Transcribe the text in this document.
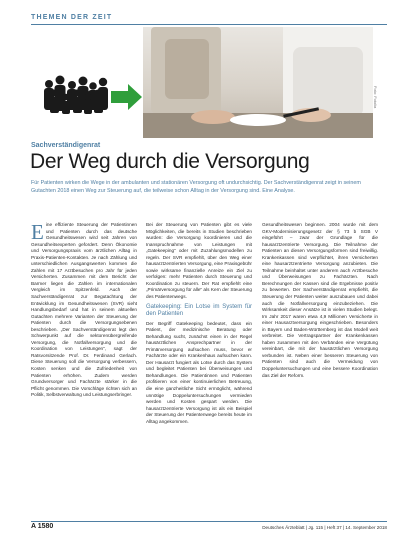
THEMEN DER ZEIT
Foto: Fotolia
Sachverständigenrat
Der Weg durch die Versorgung
Für Patienten wirken die Wege in der ambulanten und stationären Versorgung oft undurchsichtig. Der Sachverständigenrat zeigt in seinem Gutachten 2018 einen Weg zur Steuerung auf, die teilweise schon Alltag in der Versorgung sind. Eine Analyse.
Eine effiziente Steuerung der Patientinnen und Patienten durch das deutsche Gesundheitswesen wird seit Jahren von Gesundheitsexperten gefordert. Denn Ökonomie und Versorgungspraxis vom ärztlichen Alltag in Praxis-Patienten-Kontakten. Je nach Zählung und unterschiedlichen Ausgangswerten kommen die Zahlen mit 17 Arztbesuchen pro Jahr für jeden Versicherten. Zusammen mit dem Bericht der Barmer liegen die Zahlen im internationalen Vergleich im Spitzenfeld. Auch der Sachverständigenrat zur Begutachtung der Entwicklung im Gesundheitswesen (SVR) sieht Handlungsbedarf und hat in seinem aktuellen Gutachten mehrere Varianten der Steuerung der Patienten durch die Versorgungsebenen beschrieben. „Der Sachverständigenrat legt den Schwerpunkt auf die sektorenübergreifende Versorgung, die Notfallversorgung und die Koordination von Leistungen“, sagt der Ratsvorsitzende Prof. Dr. Ferdinand Gerlach. Diese Steuerung soll die Versorgung verbessern, Kosten senken und die Zufriedenheit von Patienten erhöhen. Zudem werden Grundversorger und Fachärzte stärker in die Pflicht genommen. Die Vorschläge richten sich an Politik, Selbstverwaltung und Leistungserbringer.
Bei der Steuerung von Patienten gibt es viele Möglichkeiten, die bereits in Studien beschrieben wurden: die Versorgung koordinieren und die Inanspruchnahme von Leistungen mit „Gatekeeping“ oder mit Zuzahlungsmodellen zu regeln. Der SVR empfiehlt, über den Weg einer hausarztzentrierten Versorgung, eine Praxisgebühr sowie wirksame finanzielle Anreize ein Ziel zu verfolgen: mehr Patienten durch Steuerung und Koordination zu steuern. Der Rat empfiehlt eine „Primärversorgung für alle“ als Kern der Steuerung des Patientenwegs.
Gatekeeping: Ein Lotse im System für den Patienten
Der Begriff Gatekeeping bedeutet, dass ein Patient, der medizinische Beratung oder Behandlung sucht, zunächst einen in der Regel hausärztlichen Ansprechpartner in der Primärversorgung aufsuchen muss, bevor er Fachärzte oder ein Krankenhaus aufsuchen kann. Der Hausarzt fungiert als Lotse durch das System und begleitet Patienten bei Überweisungen und Behandlungen. Die Patientinnen und Patienten profitieren von einer kontinuierlichen Betreuung, die eine ganzheitliche Sicht ermöglicht, während unnötige Doppeluntersuchungen vermieden werden und Kosten gespart werden. Die hausarztzentrierte Versorgung ist als ein Beispiel der Steuerung der Patientenwege bereits heute im Alltag angekommen.
Gesundheitswesen beginnen. 2004 wurde mit dem GKV-Modernisierungsgesetz der § 73 b SGB V eingeführt – zwar der Grundlage für die hausarztzentrierte Versorgung. Die Teilnahme der Patienten an diesen Versorgungsformen sind freiwillig. Krankenkassen sind verpflichtet, ihren Versicherten eine hausarztzentrierte Versorgung anzubieten. Die Teilnahme beinhaltet unter anderem auch Arztbesuche und Überweisungen zu Fachärzten. Nach Berechnungen der Kassen sind die Ergebnisse positiv zu bewerten. Der Sachverständigenrat empfiehlt, die Steuerung der Patienten weiter auszubauen und dabei auch die Notfallversorgung einzubeziehen. Die Wirksamkeit dieser Ansätze ist in vielen Studien belegt. Im Jahr 2017 waren etwa 4,9 Millionen Versicherte in einer Hausarztversorgung eingeschrieben. Besonders in Bayern und Baden-Württemberg ist das Modell weit verbreitet. Die Vertragspartner der Krankenkassen haben zusammen mit den Verbänden eine Vergütung vereinbart, die mit der hausärztlichen Versorgung verbunden ist. Neben einer besseren Steuerung von Patienten sind auch die Vermeidung von Doppeluntersuchungen und eine bessere Koordination das Ziel der Reform.
A 1580	Deutsches Ärzteblatt | Jg. 115 | Heft 37 | 14. September 2018
